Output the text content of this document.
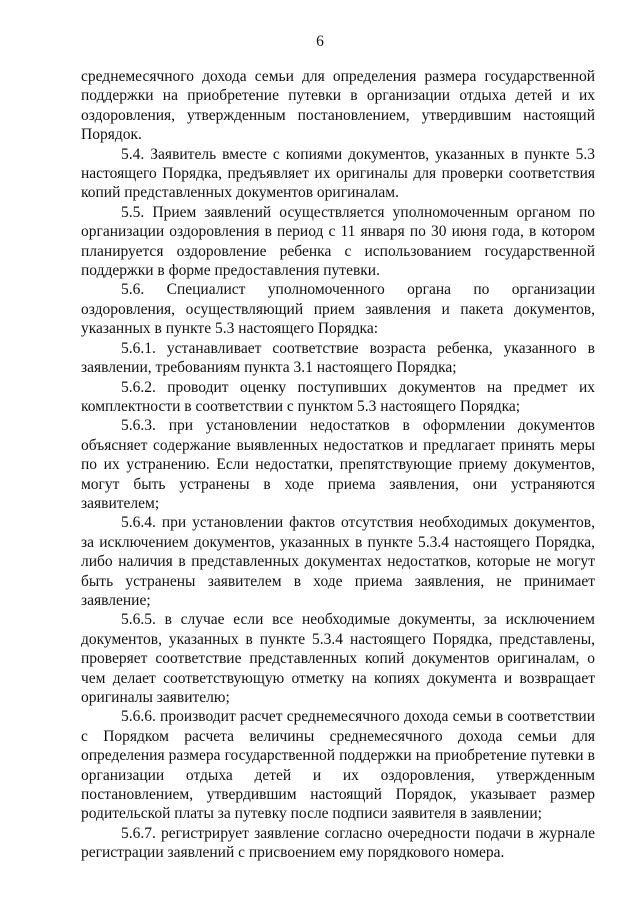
6

среднемесячного дохода семьи для определения размера государственной поддержки на приобретение путевки в организации отдыха детей и их оздоровления, утвержденным постановлением, утвердившим настоящий Порядок.

5.4. Заявитель вместе с копиями документов, указанных в пункте 5.3 настоящего Порядка, предъявляет их оригиналы для проверки соответствия копий представленных документов оригиналам.

5.5. Прием заявлений осуществляется уполномоченным органом по организации оздоровления в период с 11 января по 30 июня года, в котором планируется оздоровление ребенка с использованием государственной поддержки в форме предоставления путевки.

5.6. Специалист уполномоченного органа по организации оздоровления, осуществляющий прием заявления и пакета документов, указанных в пункте 5.3 настоящего Порядка:

5.6.1. устанавливает соответствие возраста ребенка, указанного в заявлении, требованиям пункта 3.1 настоящего Порядка;

5.6.2. проводит оценку поступивших документов на предмет их комплектности в соответствии с пунктом 5.3 настоящего Порядка;

5.6.3. при установлении недостатков в оформлении документов объясняет содержание выявленных недостатков и предлагает принять меры по их устранению. Если недостатки, препятствующие приему документов, могут быть устранены в ходе приема заявления, они устраняются заявителем;

5.6.4. при установлении фактов отсутствия необходимых документов, за исключением документов, указанных в пункте 5.3.4 настоящего Порядка, либо наличия в представленных документах недостатков, которые не могут быть устранены заявителем в ходе приема заявления, не принимает заявление;

5.6.5. в случае если все необходимые документы, за исключением документов, указанных в пункте 5.3.4 настоящего Порядка, представлены, проверяет соответствие представленных копий документов оригиналам, о чем делает соответствующую отметку на копиях документа и возвращает оригиналы заявителю;

5.6.6. производит расчет среднемесячного дохода семьи в соответствии с Порядком расчета величины среднемесячного дохода семьи для определения размера государственной поддержки на приобретение путевки в организации отдыха детей и их оздоровления, утвержденным постановлением, утвердившим настоящий Порядок, указывает размер родительской платы за путевку после подписи заявителя в заявлении;

5.6.7. регистрирует заявление согласно очередности подачи в журнале регистрации заявлений с присвоением ему порядкового номера.
